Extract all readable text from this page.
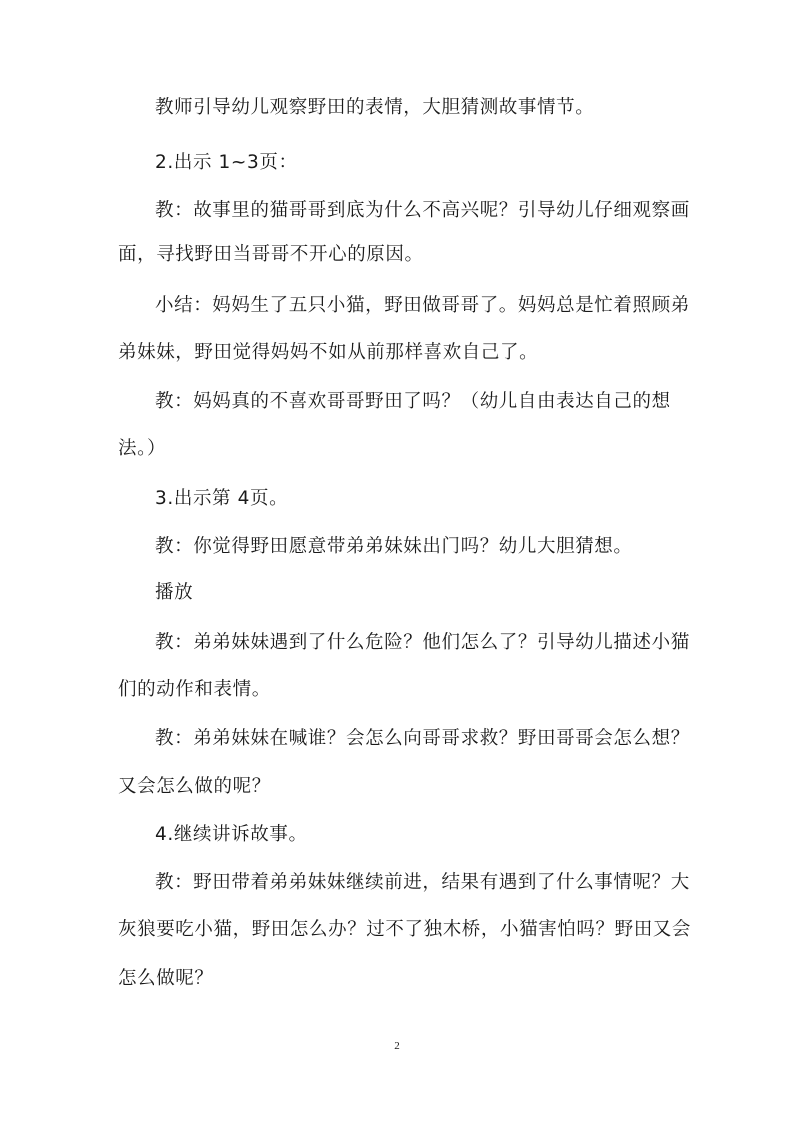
教师引导幼儿观察野田的表情，大胆猜测故事情节。
2.出示 1~3页：
教：故事里的猫哥哥到底为什么不高兴呢？引导幼儿仔细观察画
面，寻找野田当哥哥不开心的原因。
小结：妈妈生了五只小猫，野田做哥哥了。妈妈总是忙着照顾弟
弟妹妹，野田觉得妈妈不如从前那样喜欢自己了。
教：妈妈真的不喜欢哥哥野田了吗？（幼儿自由表达自己的想
法。）
3.出示第 4页。
教：你觉得野田愿意带弟弟妹妹出门吗？幼儿大胆猜想。
播放
教：弟弟妹妹遇到了什么危险？他们怎么了？引导幼儿描述小猫
们的动作和表情。
教：弟弟妹妹在喊谁？会怎么向哥哥求救？野田哥哥会怎么想？
又会怎么做的呢？
4.继续讲诉故事。
教：野田带着弟弟妹妹继续前进，结果有遇到了什么事情呢？大
灰狼要吃小猫，野田怎么办？过不了独木桥，小猫害怕吗？野田又会
怎么做呢？
2
